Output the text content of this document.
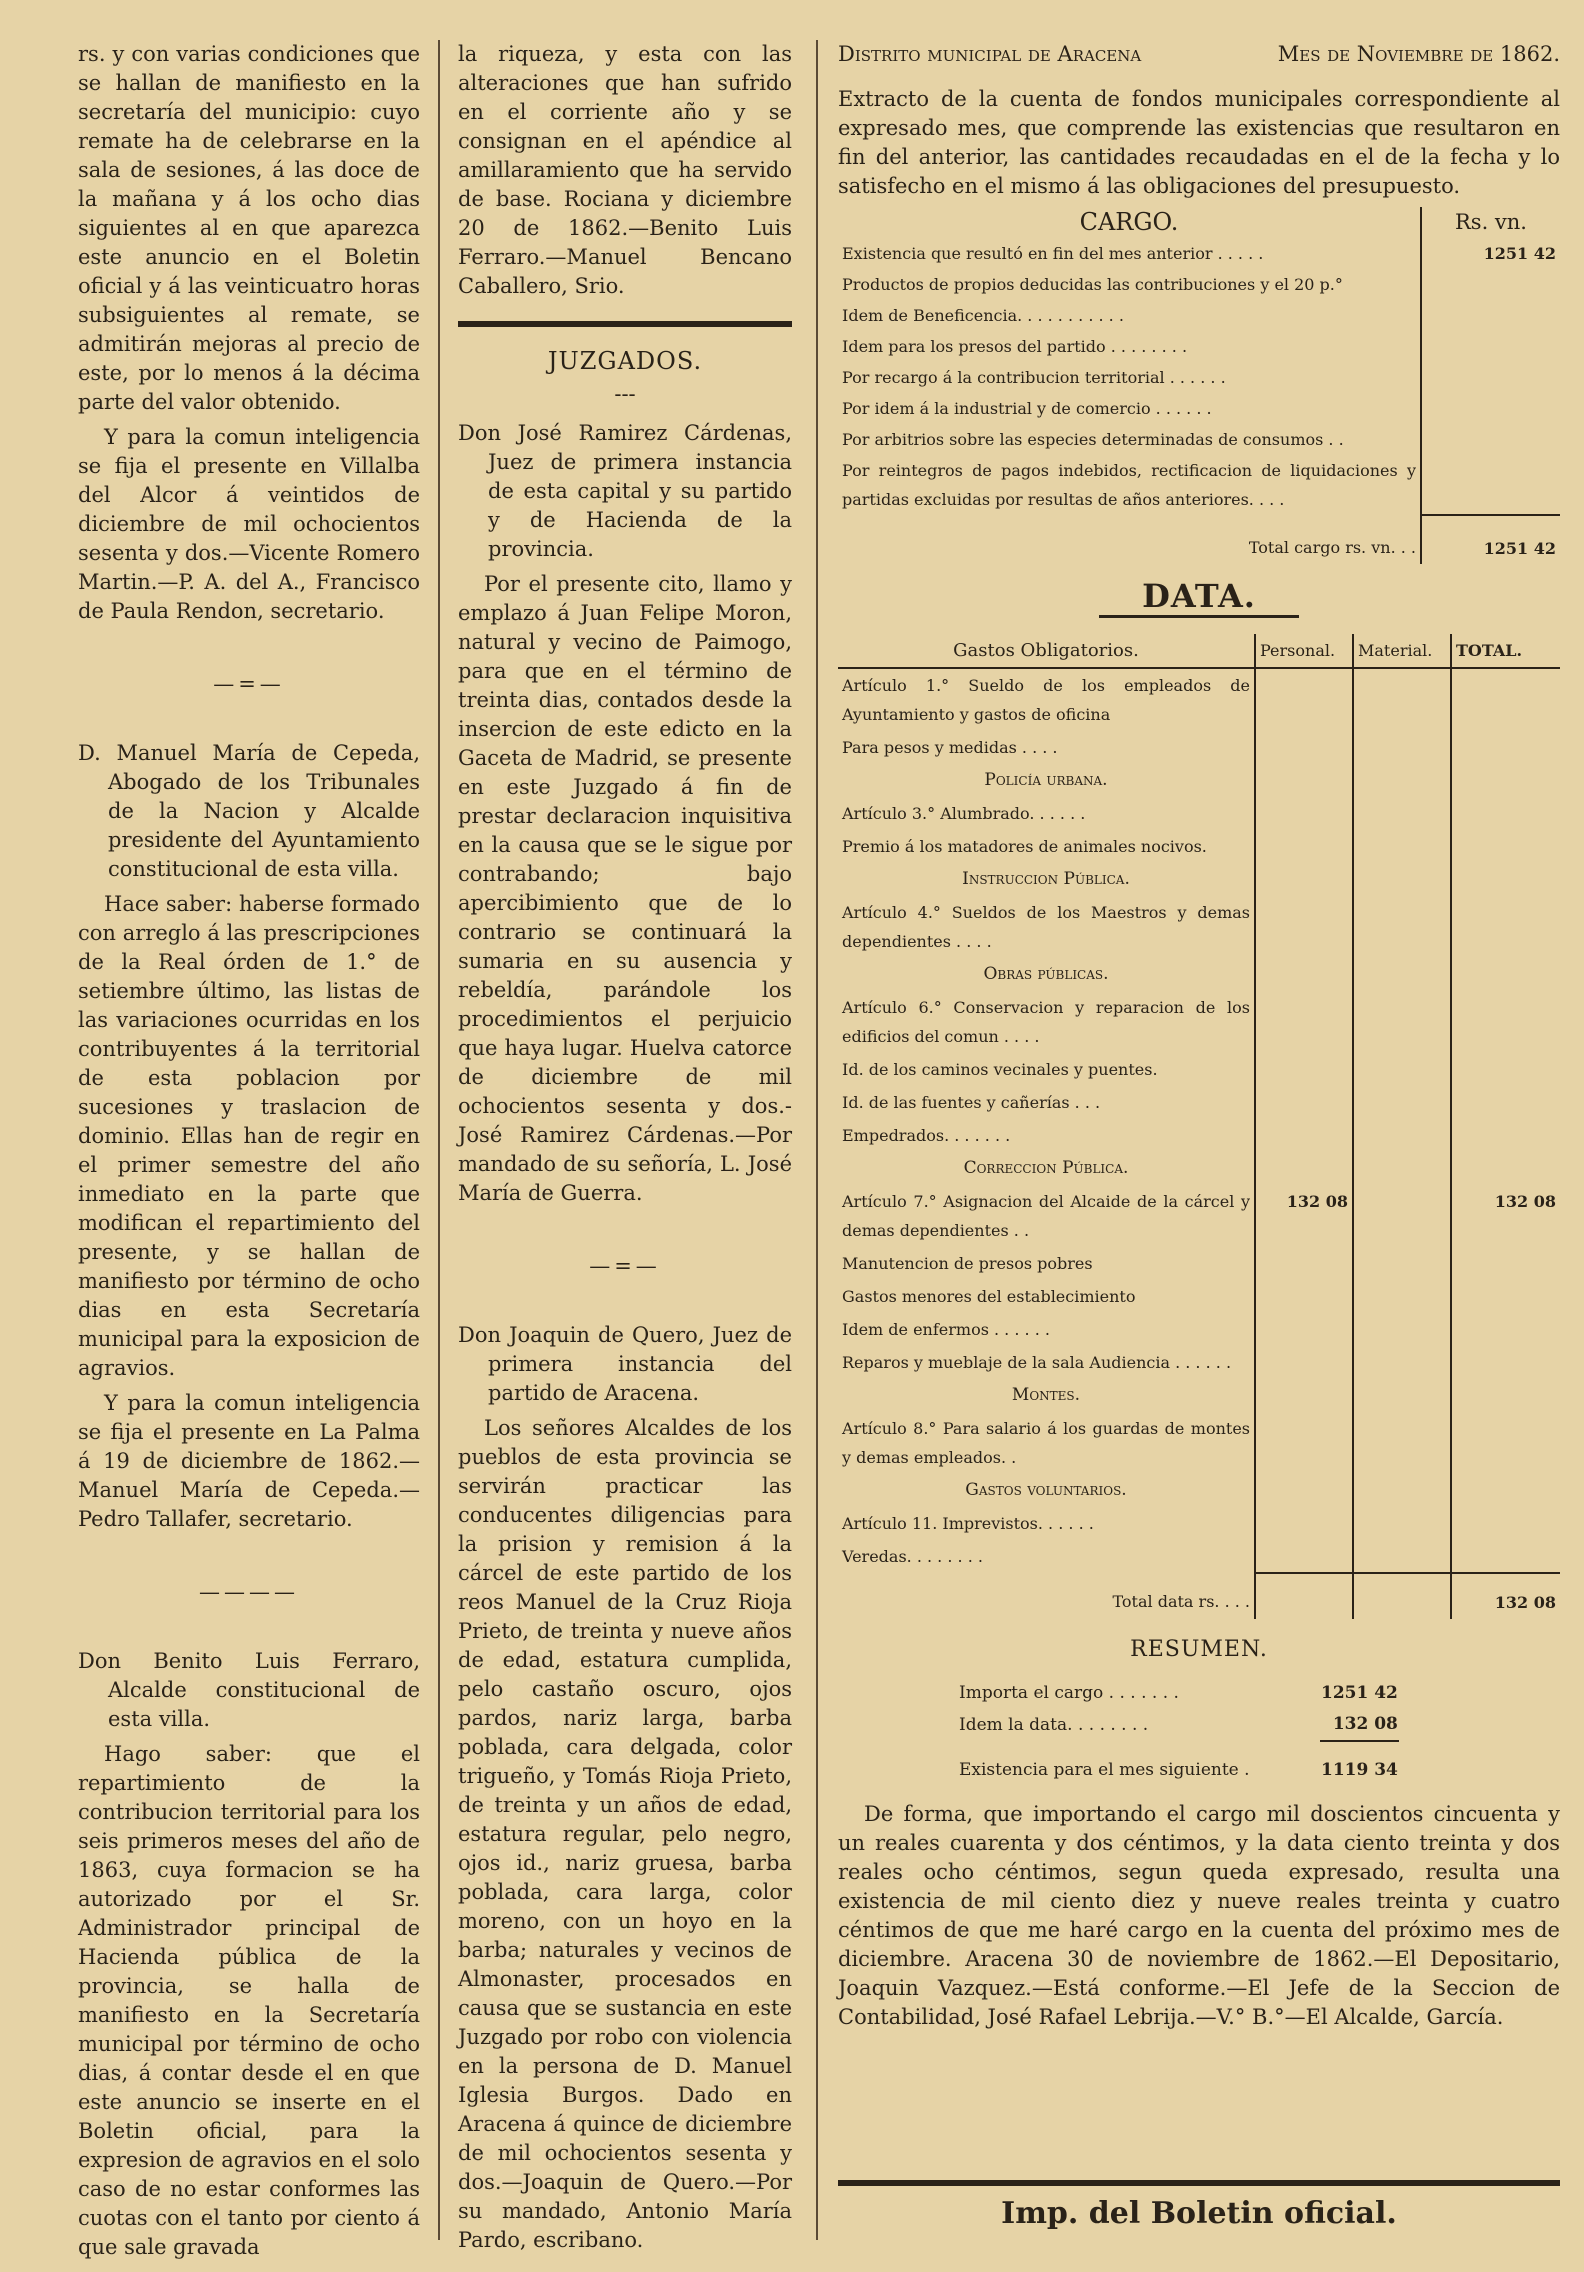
rs. y con varias condiciones que se hallan de manifiesto en la secretaría del municipio: cuyo remate ha de celebrarse en la sala de sesiones, á las doce de la mañana y á los ocho dias siguientes al en que aparezca este anuncio en el Boletin oficial y á las veinticuatro horas subsiguientes al remate, se admitirán mejoras al precio de este, por lo menos á la décima parte del valor obtenido.

Y para la comun inteligencia se fija el presente en Villalba del Alcor á veintidos de diciembre de mil ochocientos sesenta y dos.—Vicente Romero Martin.—P. A. del A., Francisco de Paula Rendon, secretario.

—=—

D. Manuel María de Cepeda, Abogado de los Tribunales de la Nacion y Alcalde presidente del Ayuntamiento constitucional de esta villa.

Hace saber: haberse formado con arreglo á las prescripciones de la Real órden de 1.° de setiembre último, las listas de las variaciones ocurridas en los contribuyentes á la territorial de esta poblacion por sucesiones y traslacion de dominio. Ellas han de regir en el primer semestre del año inmediato en la parte que modifican el repartimiento del presente, y se hallan de manifiesto por término de ocho dias en esta Secretaría municipal para la exposicion de agravios.

Y para la comun inteligencia se fija el presente en La Palma á 19 de diciembre de 1862.—Manuel María de Cepeda.—Pedro Tallafer, secretario.

————

Don Benito Luis Ferraro, Alcalde constitucional de esta villa.

Hago saber: que el repartimiento de la contribucion territorial para los seis primeros meses del año de 1863, cuya formacion se ha autorizado por el Sr. Administrador principal de Hacienda pública de la provincia, se halla de manifiesto en la Secretaría municipal por término de ocho dias, á contar desde el en que este anuncio se inserte en el Boletin oficial, para la expresion de agravios en el solo caso de no estar conformes las cuotas con el tanto por ciento á que sale gravada

la riqueza, y esta con las alteraciones que han sufrido en el corriente año y se consignan en el apéndice al amillaramiento que ha servido de base. Rociana y diciembre 20 de 1862.—Benito Luis Ferraro.—Manuel Bencano Caballero, Srio.

JUZGADOS.
---

Don José Ramirez Cárdenas, Juez de primera instancia de esta capital y su partido y de Hacienda de la provincia.

Por el presente cito, llamo y emplazo á Juan Felipe Moron, natural y vecino de Paimogo, para que en el término de treinta dias, contados desde la insercion de este edicto en la Gaceta de Madrid, se presente en este Juzgado á fin de prestar declaracion inquisitiva en la causa que se le sigue por contrabando; bajo apercibimiento que de lo contrario se continuará la sumaria en su ausencia y rebeldía, parándole los procedimientos el perjuicio que haya lugar. Huelva catorce de diciembre de mil ochocientos sesenta y dos.-José Ramirez Cárdenas.—Por mandado de su señoría, L. José María de Guerra.

—=—

Don Joaquin de Quero, Juez de primera instancia del partido de Aracena.

Los señores Alcaldes de los pueblos de esta provincia se servirán practicar las conducentes diligencias para la prision y remision á la cárcel de este partido de los reos Manuel de la Cruz Rioja Prieto, de treinta y nueve años de edad, estatura cumplida, pelo castaño oscuro, ojos pardos, nariz larga, barba poblada, cara delgada, color trigueño, y Tomás Rioja Prieto, de treinta y un años de edad, estatura regular, pelo negro, ojos id., nariz gruesa, barba poblada, cara larga, color moreno, con un hoyo en la barba; naturales y vecinos de Almonaster, procesados en causa que se sustancia en este Juzgado por robo con violencia en la persona de D. Manuel Iglesia Burgos. Dado en Aracena á quince de diciembre de mil ochocientos sesenta y dos.—Joaquin de Quero.—Por su mandado, Antonio María Pardo, escribano.

Distrito municipal de Aracena	Mes de Noviembre de 1862.

Extracto de la cuenta de fondos municipales correspondiente al expresado mes, que comprende las existencias que resultaron en fin del anterior, las cantidades recaudadas en el de la fecha y lo satisfecho en el mismo á las obligaciones del presupuesto.

CARGO.	Rs. vn.
Existencia que resultó en fin del mes anterior . . . . .	1251 42
Productos de propios deducidas las contribuciones y el 20 p.°	
Idem de Beneficencia. . . . . . . . . . .	
Idem para los presos del partido . . . . . . . .	
Por recargo á la contribucion territorial . . . . . .	
Por idem á la industrial y de comercio . . . . . .	
Por arbitrios sobre las especies determinadas de consumos . .	
Por reintegros de pagos indebidos, rectificacion de liquidaciones y partidas excluidas por resultas de años anteriores. . . .	
Total cargo rs. vn. . .	1251 42
DATA.
Gastos Obligatorios.	Personal.	Material.	TOTAL.
Artículo 1.° Sueldo de los empleados de Ayuntamiento y gastos de oficina			
Para pesos y medidas . . . .			
Policía urbana.			
Artículo 3.° Alumbrado. . . . . .			
Premio á los matadores de animales nocivos.			
Instruccion Pública.			
Artículo 4.° Sueldos de los Maestros y demas dependientes . . . .			
Obras públicas.			
Artículo 6.° Conservacion y reparacion de los edificios del comun . . . .			
Id. de los caminos vecinales y puentes.			
Id. de las fuentes y cañerías . . .			
Empedrados. . . . . . .			
Correccion Pública.			
Artículo 7.° Asignacion del Alcaide de la cárcel y demas dependientes . .	132 08		132 08
Manutencion de presos pobres			
Gastos menores del establecimiento			
Idem de enfermos . . . . . .			
Reparos y mueblaje de la sala Audiencia . . . . . .			
Montes.			
Artículo 8.° Para salario á los guardas de montes y demas empleados. .			
Gastos voluntarios.			
Artículo 11. Imprevistos. . . . . .			
Veredas. . . . . . . .			
Total data rs. . . .			132 08
RESUMEN.
Importa el cargo . . . . . . .	1251 42
Idem la data. . . . . . . .	132 08
Existencia para el mes siguiente .	1119 34

De forma, que importando el cargo mil doscientos cincuenta y un reales cuarenta y dos céntimos, y la data ciento treinta y dos reales ocho céntimos, segun queda expresado, resulta una existencia de mil ciento diez y nueve reales treinta y cuatro céntimos de que me haré cargo en la cuenta del próximo mes de diciembre. Aracena 30 de noviembre de 1862.—El Depositario, Joaquin Vazquez.—Está conforme.—El Jefe de la Seccion de Contabilidad, José Rafael Lebrija.—V.° B.°—El Alcalde, García.

Imp. del Boletin oficial.
